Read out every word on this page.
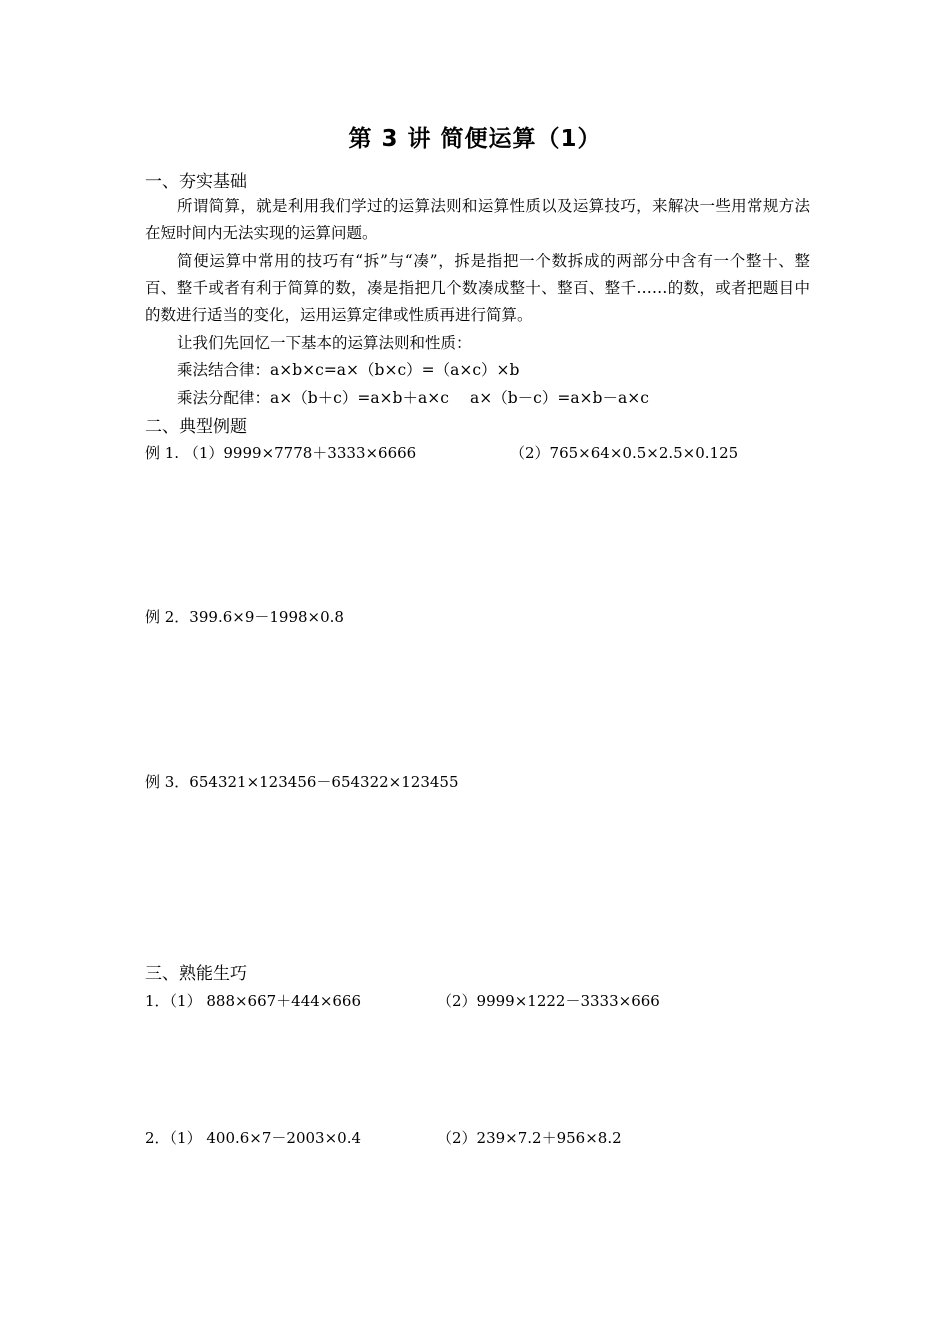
第 3 讲 简便运算（1）
一、夯实基础
所谓简算，就是利用我们学过的运算法则和运算性质以及运算技巧，来解决一些用常规方法在短时间内无法实现的运算问题。
简便运算中常用的技巧有“拆”与“凑”，拆是指把一个数拆成的两部分中含有一个整十、整百、整千或者有利于简算的数，凑是指把几个数凑成整十、整百、整千……的数，或者把题目中的数进行适当的变化，运用运算定律或性质再进行简算。
让我们先回忆一下基本的运算法则和性质：
乘法结合律：a×b×c=a×（b×c）=（a×c）×b
乘法分配律：a×（b＋c）=a×b＋a×c a×（b－c）=a×b－a×c
二、典型例题
例 1. （1）9999×7778＋3333×6666	（2）765×64×0.5×2.5×0.125
例 2．399.6×9－1998×0.8
例 3．654321×123456－654322×123455
三、熟能生巧
1．（1） 888×667＋444×666	（2）9999×1222－3333×666
2．（1） 400.6×7－2003×0.4	（2）239×7.2＋956×8.2
